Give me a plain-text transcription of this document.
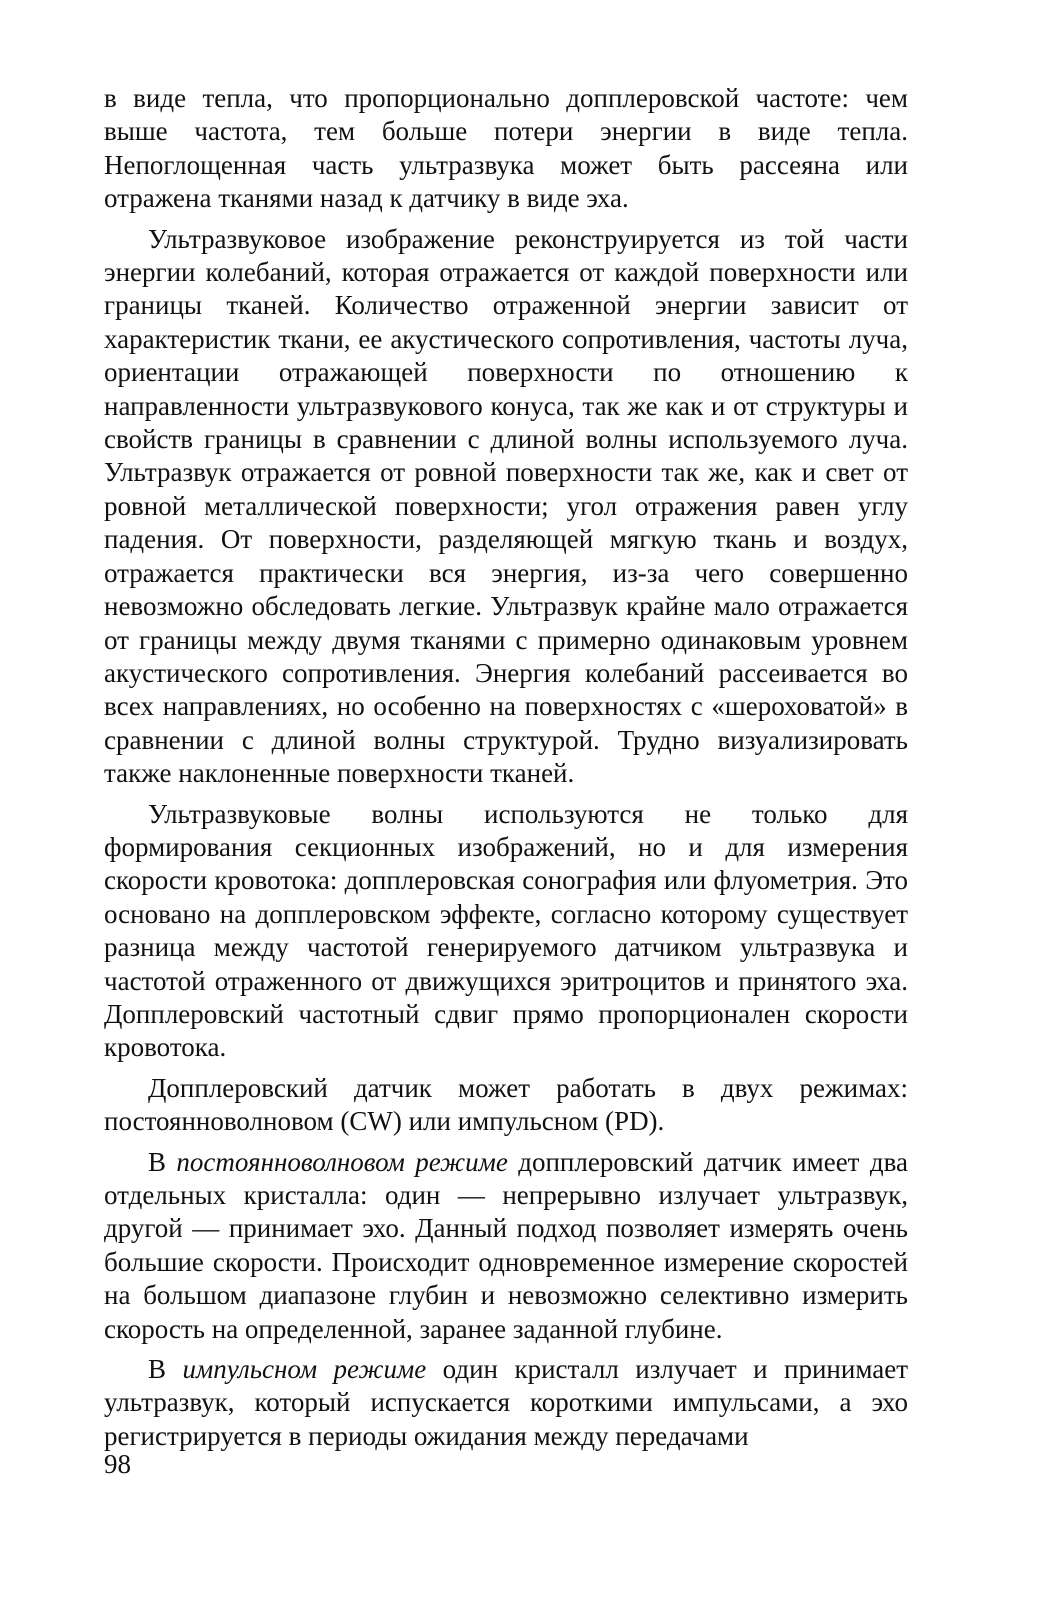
в виде тепла, что пропорционально допплеровской частоте: чем выше частота, тем больше потери энергии в виде тепла. Непоглощенная часть ультразвука может быть рассеяна или отражена тканями назад к датчику в виде эха.

Ультразвуковое изображение реконструируется из той части энергии колебаний, которая отражается от каждой поверхности или границы тканей. Количество отраженной энергии зависит от характеристик ткани, ее акустического сопротивления, частоты луча, ориентации отражающей поверхности по отношению к направленности ультразвукового конуса, так же как и от структуры и свойств границы в сравнении с длиной волны используемого луча. Ультразвук отражается от ровной поверхности так же, как и свет от ровной металлической поверхности; угол отражения равен углу падения. От поверхности, разделяющей мягкую ткань и воздух, отражается практически вся энергия, из-за чего совершенно невозможно обследовать легкие. Ультразвук крайне мало отражается от границы между двумя тканями с примерно одинаковым уровнем акустического сопротивления. Энергия колебаний рассеивается во всех направлениях, но особенно на поверхностях с «шероховатой» в сравнении с длиной волны структурой. Трудно визуализировать также наклоненные поверхности тканей.

Ультразвуковые волны используются не только для формирования секционных изображений, но и для измерения скорости кровотока: допплеровская сонография или флуометрия. Это основано на допплеровском эффекте, согласно которому существует разница между частотой генерируемого датчиком ультразвука и частотой отраженного от движущихся эритроцитов и принятого эха. Допплеровский частотный сдвиг прямо пропорционален скорости кровотока.

Допплеровский датчик может работать в двух режимах: постоянноволновом (CW) или импульсном (PD).

В постоянноволновом режиме допплеровский датчик имеет два отдельных кристалла: один — непрерывно излучает ультразвук, другой — принимает эхо. Данный подход позволяет измерять очень большие скорости. Происходит одновременное измерение скоростей на большом диапазоне глубин и невозможно селективно измерить скорость на определенной, заранее заданной глубине.

В импульсном режиме один кристалл излучает и принимает ультразвук, который испускается короткими импульсами, а эхо регистрируется в периоды ожидания между передачами

98
